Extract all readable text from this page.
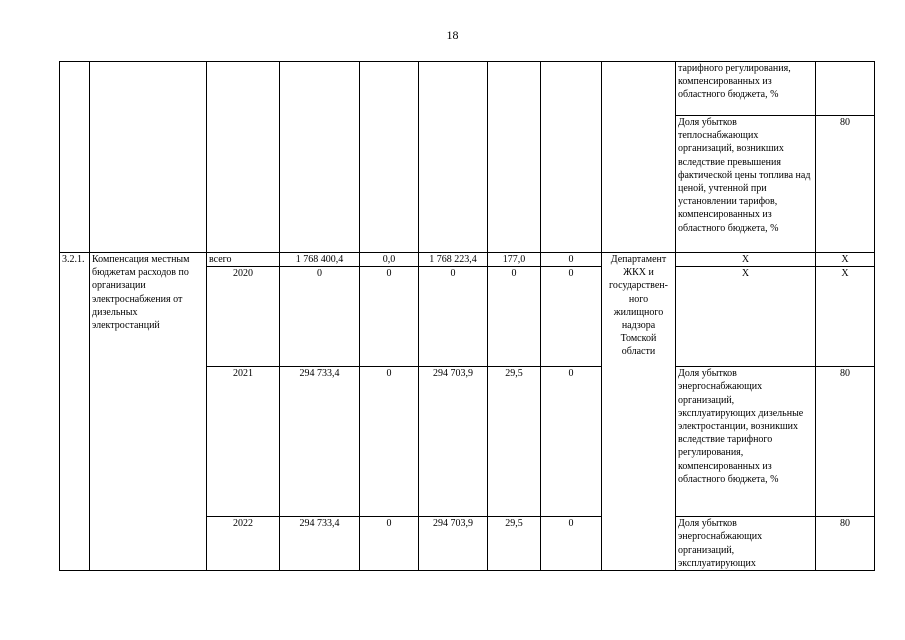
18
									тарифного регулирования, компенсированных из областного бюджета, %	
									Доля убытков теплоснабжающих организаций, возникших вследствие превышения фактической цены топлива над ценой, учтенной при установлении тарифов, компенсированных из областного бюджета, %	80
3.2.1.	Компенсация местным бюджетам расходов по организации электроснабжения от дизельных электростанций	всего	1 768 400,4	0,0	1 768 223,4	177,0	0	Департамент ЖКХ и государствен-ного жилищного надзора Томской области	Х	Х
		2020	0	0	0	0	0		Х	Х
		2021	294 733,4	0	294 703,9	29,5	0		Доля убытков энергоснабжающих организаций, эксплуатирующих дизельные электростанции, возникших вследствие тарифного регулирования, компенсированных из областного бюджета, %	80
		2022	294 733,4	0	294 703,9	29,5	0		Доля убытков энергоснабжающих организаций, эксплуатирующих	80
